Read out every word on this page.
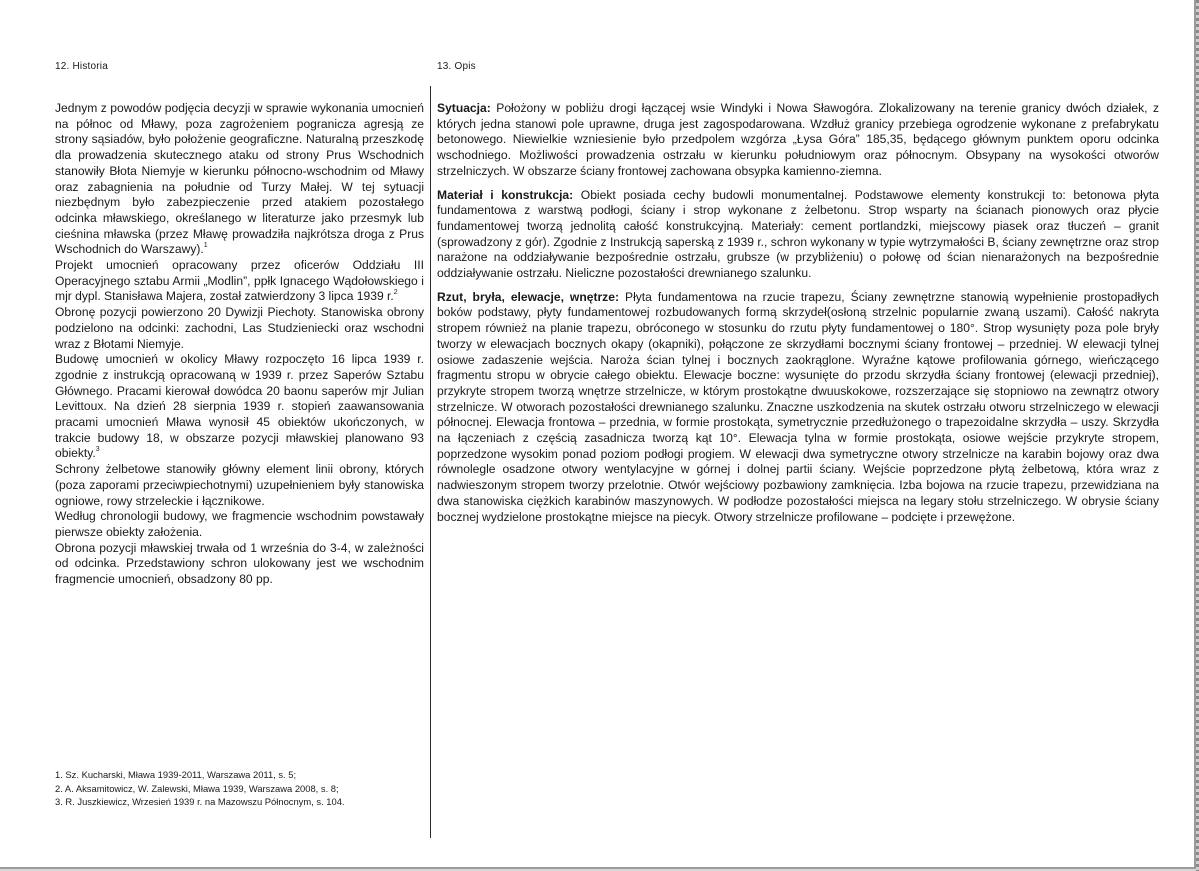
12. Historia	13. Opis

Jednym z powodów podjęcia decyzji w sprawie wykonania umocnień na północ od Mławy, poza zagrożeniem pogranicza agresją ze strony sąsiadów, było położenie geograficzne. Naturalną przeszkodę dla prowadzenia skutecznego ataku od strony Prus Wschodnich stanowiły Błota Niemyje w kierunku północno-wschodnim od Mławy oraz zabagnienia na południe od Turzy Małej. W tej sytuacji niezbędnym było zabezpieczenie przed atakiem pozostałego odcinka mławskiego, określanego w literaturze jako przesmyk lub cieśnina mławska (przez Mławę prowadziła najkrótsza droga z Prus Wschodnich do Warszawy).$^1$

Projekt umocnień opracowany przez oficerów Oddziału III Operacyjnego sztabu Armii „Modlin”, ppłk Ignacego Wądołowskiego i mjr dypl. Stanisława Majera, został zatwierdzony 3 lipca 1939 r.$^2$

Obronę pozycji powierzono 20 Dywizji Piechoty. Stanowiska obrony podzielono na odcinki: zachodni, Las Studzieniecki oraz wschodni wraz z Błotami Niemyje.

Budowę umocnień w okolicy Mławy rozpoczęto 16 lipca 1939 r. zgodnie z instrukcją opracowaną w 1939 r. przez Saperów Sztabu Głównego. Pracami kierował dowódca 20 baonu saperów mjr Julian Levittoux. Na dzień 28 sierpnia 1939 r. stopień zaawansowania pracami umocnień Mława wynosił 45 obiektów ukończonych, w trakcie budowy 18, w obszarze pozycji mławskiej planowano 93 obiekty.$^3$

Schrony żelbetowe stanowiły główny element linii obrony, których (poza zaporami przeciwpiechotnymi) uzupełnieniem były stanowiska ogniowe, rowy strzeleckie i łącznikowe.

Według chronologii budowy, we fragmencie wschodnim powstawały pierwsze obiekty założenia.

Obrona pozycji mławskiej trwała od 1 września do 3-4, w zależności od odcinka. Przedstawiony schron ulokowany jest we wschodnim fragmencie umocnień, obsadzony 80 pp.

Sytuacja: Położony w pobliżu drogi łączącej wsie Windyki i Nowa Sławogóra. Zlokalizowany na terenie granicy dwóch działek, z których jedna stanowi pole uprawne, druga jest zagospodarowana. Wzdłuż granicy przebiega ogrodzenie wykonane z prefabrykatu betonowego. Niewielkie wzniesienie było przedpolem wzgórza „Łysa Góra” 185,35, będącego głównym punktem oporu odcinka wschodniego. Możliwości prowadzenia ostrzału w kierunku południowym oraz północnym. Obsypany na wysokości otworów strzelniczych. W obszarze ściany frontowej zachowana obsypka kamienno-ziemna.

Materiał i konstrukcja: Obiekt posiada cechy budowli monumentalnej. Podstawowe elementy konstrukcji to: betonowa płyta fundamentowa z warstwą podłogi, ściany i strop wykonane z żelbetonu. Strop wsparty na ścianach pionowych oraz płycie fundamentowej tworzą jednolitą całość konstrukcyjną. Materiały: cement portlandzki, miejscowy piasek oraz tłuczeń – granit (sprowadzony z gór). Zgodnie z Instrukcją saperską z 1939 r., schron wykonany w typie wytrzymałości B, ściany zewnętrzne oraz strop narażone na oddziaływanie bezpośrednie ostrzału, grubsze (w przybliżeniu) o połowę od ścian nienarażonych na bezpośrednie oddziaływanie ostrzału. Nieliczne pozostałości drewnianego szalunku.

Rzut, bryła, elewacje, wnętrze: Płyta fundamentowa na rzucie trapezu, Ściany zewnętrzne stanowią wypełnienie prostopadłych boków podstawy, płyty fundamentowej rozbudowanych formą skrzydeł(osłoną strzelnic popularnie zwaną uszami). Całość nakryta stropem również na planie trapezu, obróconego w stosunku do rzutu płyty fundamentowej o 180°. Strop wysunięty poza pole bryły tworzy w elewacjach bocznych okapy (okapniki), połączone ze skrzydłami bocznymi ściany frontowej – przedniej. W elewacji tylnej osiowe zadaszenie wejścia. Naroża ścian tylnej i bocznych zaokrąglone. Wyraźne kątowe profilowania górnego, wieńczącego fragmentu stropu w obrycie całego obiektu. Elewacje boczne: wysunięte do przodu skrzydła ściany frontowej (elewacji przedniej), przykryte stropem tworzą wnętrze strzelnicze, w którym prostokątne dwuuskokowe, rozszerzające się stopniowo na zewnątrz otwory strzelnicze. W otworach pozostałości drewnianego szalunku. Znaczne uszkodzenia na skutek ostrzału otworu strzelniczego w elewacji północnej. Elewacja frontowa – przednia, w formie prostokąta, symetrycznie przedłużonego o trapezoidalne skrzydła – uszy. Skrzydła na łączeniach z częścią zasadnicza tworzą kąt 10°. Elewacja tylna w formie prostokąta, osiowe wejście przykryte stropem, poprzedzone wysokim ponad poziom podłogi progiem. W elewacji dwa symetryczne otwory strzelnicze na karabin bojowy oraz dwa równolegle osadzone otwory wentylacyjne w górnej i dolnej partii ściany. Wejście poprzedzone płytą żelbetową, która wraz z nadwieszonym stropem tworzy przelotnie. Otwór wejściowy pozbawiony zamknięcia. Izba bojowa na rzucie trapezu, przewidziana na dwa stanowiska ciężkich karabinów maszynowych. W podłodze pozostałości miejsca na legary stołu strzelniczego. W obrysie ściany bocznej wydzielone prostokątne miejsce na piecyk. Otwory strzelnicze profilowane – podcięte i przewężone.

1. Sz. Kucharski, Mława 1939-2011, Warszawa 2011, s. 5;
2. A. Aksamitowicz, W. Zalewski, Mława 1939, Warszawa 2008, s. 8;
3. R. Juszkiewicz, Wrzesień 1939 r. na Mazowszu Północnym, s. 104.
